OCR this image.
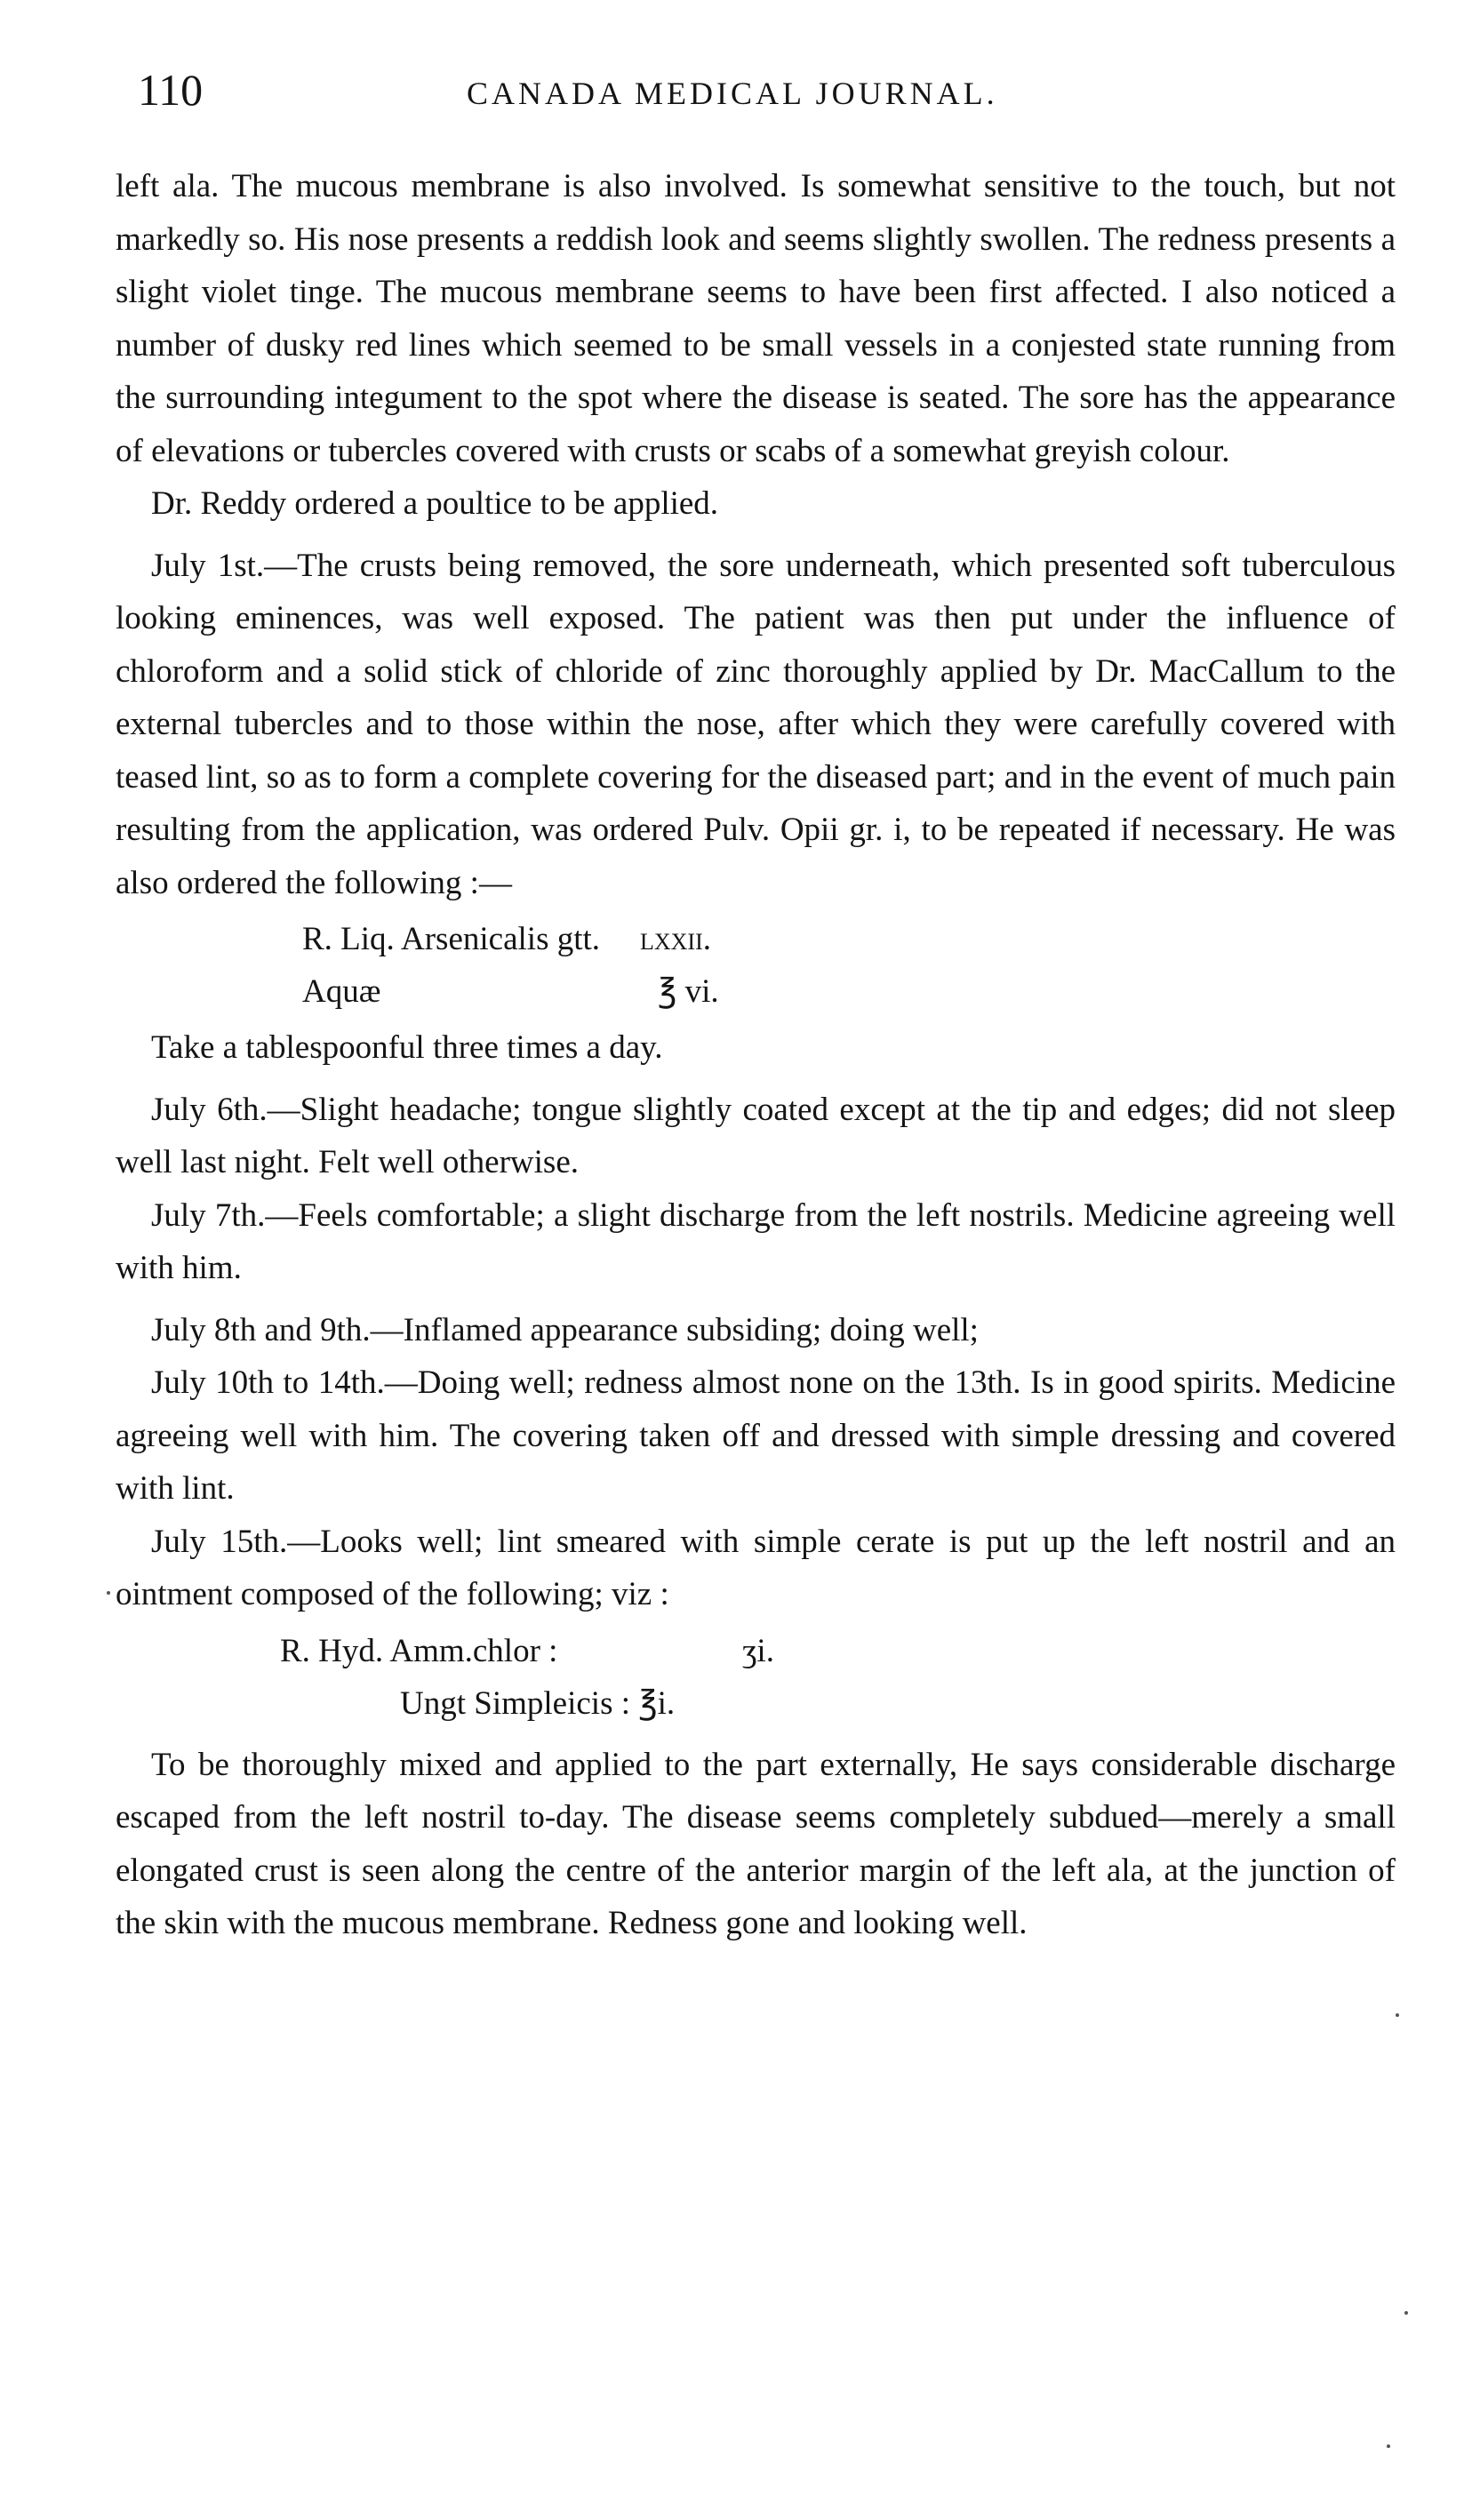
110	CANADA MEDICAL JOURNAL.

left ala. The mucous membrane is also involved. Is somewhat sensitive to the touch, but not markedly so. His nose presents a reddish look and seems slightly swollen. The redness presents a slight violet tinge. The mucous membrane seems to have been first affected. I also noticed a number of dusky red lines which seemed to be small vessels in a conjested state running from the surrounding integument to the spot where the disease is seated. The sore has the appearance of elevations or tubercles covered with crusts or scabs of a somewhat greyish colour.

Dr. Reddy ordered a poultice to be applied.

July 1st.—The crusts being removed, the sore underneath, which presented soft tuberculous looking eminences, was well exposed. The patient was then put under the influence of chloroform and a solid stick of chloride of zinc thoroughly applied by Dr. MacCallum to the external tubercles and to those within the nose, after which they were carefully covered with teased lint, so as to form a complete covering for the diseased part; and in the event of much pain resulting from the application, was ordered Pulv. Opii gr. i, to be repeated if necessary. He was also ordered the following :—

R. Liq. Arsenicalis gtt. lxxii.
Aquæ	℥ vi.

Take a tablespoonful three times a day.

July 6th.—Slight headache; tongue slightly coated except at the tip and edges; did not sleep well last night. Felt well otherwise.

July 7th.—Feels comfortable; a slight discharge from the left nostrils. Medicine agreeing well with him.

July 8th and 9th.—Inflamed appearance subsiding; doing well;

July 10th to 14th.—Doing well; redness almost none on the 13th. Is in good spirits. Medicine agreeing well with him. The covering taken off and dressed with simple dressing and covered with lint.

July 15th.—Looks well; lint smeared with simple cerate is put up the left nostril and an ointment composed of the following; viz :

R. Hyd. Amm.chlor :	ʒi.
Ungt Simpleicis : ℥i.

To be thoroughly mixed and applied to the part externally, He says considerable discharge escaped from the left nostril to-day. The disease seems completely subdued—merely a small elongated crust is seen along the centre of the anterior margin of the left ala, at the junction of the skin with the mucous membrane. Redness gone and looking well.
